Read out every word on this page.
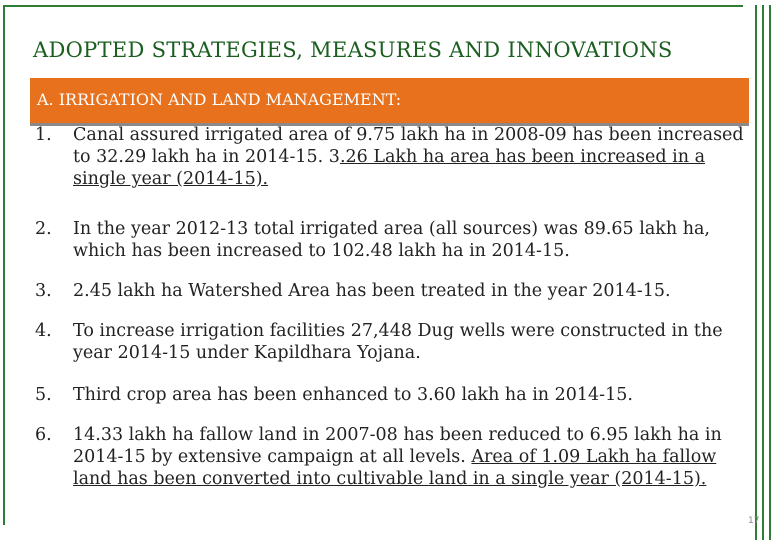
ADOPTED STRATEGIES, MEASURES AND INNOVATIONS
A. IRRIGATION AND LAND MANAGEMENT:
1.	Canal assured irrigated area of 9.75 lakh ha in 2008-09 has been increased to 32.29 lakh ha in 2014-15. 3.26 Lakh ha area has been increased in a single year (2014-15).
2.	In the year 2012-13 total irrigated area (all sources) was 89.65 lakh ha, which has been increased to 102.48 lakh ha in 2014-15.
3.	2.45 lakh ha Watershed Area has been treated in the year 2014-15.
4.	To increase irrigation facilities 27,448 Dug wells were constructed in the year 2014-15 under Kapildhara Yojana.
5.	Third crop area has been enhanced to 3.60 lakh ha in 2014-15.
6.	14.33 lakh ha fallow land in 2007-08 has been reduced to 6.95 lakh ha in 2014-15 by extensive campaign at all levels. Area of 1.09 Lakh ha fallow land has been converted into cultivable land in a single year (2014-15).
17
